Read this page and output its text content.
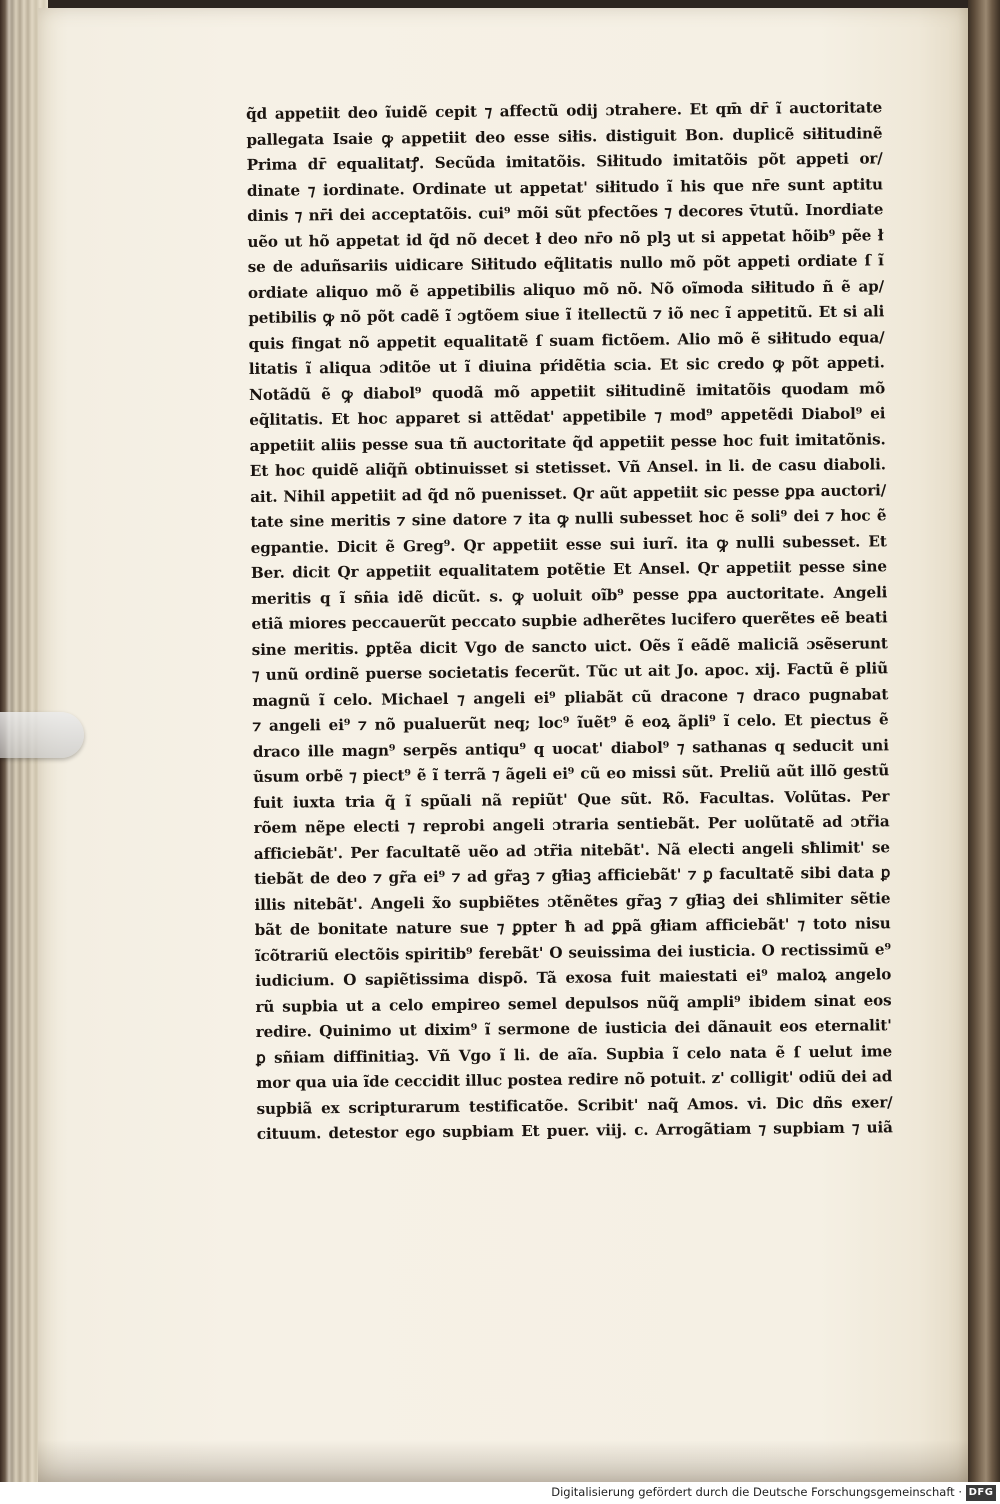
q̃d appetiit deo ĩuidẽ cepit ⁊ affectũ odij ɔtrahere. Et qm̄ dr̄ ĩ auctoritate
pallegata Isaie ꝙ appetiit deo esse siłis. distiguit Bon. duplicẽ siłitudinẽ
Prima dr̄ equalitatꝭ. Secũda imitatõis. Siłitudo imitatõis põt appeti or/
dinate ⁊ iordinate. Ordinate ut appetat' siłitudo ĩ his que nr̄e sunt aptitu
dinis ⁊ nr̄i dei acceptatõis. cui⁹ mõi sũt pfectões ⁊ decores v̄tutũ. Inordiate
uẽo ut hõ appetat id q̃d nõ decet ł deo nr̄o nõ plꝫ ut si appetat hõib⁹ pẽe ł
se de aduñsariis uidicare Siłitudo eq̃litatis nullo mõ põt appeti ordiate ſ ĩ
ordiate aliquo mõ ẽ appetibilis aliquo mõ nõ. Nõ oĩmoda siłitudo ñ ẽ ap/
petibilis ꝙ nõ põt cadẽ ĩ ɔgtõem siue ĩ itellectũ ⁊ iõ nec ĩ appetitũ. Et si ali
quis fingat nõ appetit equalitatẽ ſ suam fictõem. Alio mõ ẽ siłitudo equa/
litatis ĩ aliqua ɔditõe ut ĩ diuina pŕidẽtia scia. Et sic credo ꝙ põt appeti.
Notãdũ ẽ ꝙ diabol⁹ quodã mõ appetiit siłitudinẽ imitatõis quodam mõ
eq̃litatis. Et hoc apparet si attẽdat' appetibile ⁊ mod⁹ appetẽdi Diabol⁹ ei
appetiit aliis pesse sua tñ auctoritate q̃d appetiit pesse hoc fuit imitatõnis.
Et hoc quidẽ aliq̃ñ obtinuisset si stetisset. Vñ Ansel. in li. de casu diaboli.
ait. Nihil appetiit ad q̃d nõ puenisset. Qr aũt appetiit sic pesse ꝑpa auctori/
tate sine meritis ⁊ sine datore ⁊ ita ꝙ nulli subesset hoc ẽ soli⁹ dei ⁊ hoc ẽ
egpantie. Dicit ẽ Greg⁹. Qr appetiit esse sui iurĩ. ita ꝙ nulli subesset. Et
Ber. dicit Qr appetiit equalitatem potẽtie Et Ansel. Qr appetiit pesse sine
meritis q ĩ sñia idẽ dicũt. s. ꝙ uoluit oĩb⁹ pesse ꝑpa auctoritate. Angeli
etiã miores peccauerũt peccato supbie adherẽtes lucifero querẽtes eẽ beati
sine meritis. ꝑptẽa dicit Vgo de sancto uict. Oẽs ĩ eãdẽ maliciã ɔsẽserunt
⁊ unũ ordinẽ puerse societatis fecerũt. Tũc ut ait Jo. apoc. xij. Factũ ẽ pliũ
magnũ ĩ celo. Michael ⁊ angeli ei⁹ pliabãt cũ dracone ⁊ draco pugnabat
⁊ angeli ei⁹ ⁊ nõ pualuerũt neq; loc⁹ ĩuẽt⁹ ẽ eoꝝ ãpli⁹ ĩ celo. Et piectus ẽ
draco ille magn⁹ serpẽs antiqu⁹ q uocat' diabol⁹ ⁊ sathanas q seducit uni
ũsum orbẽ ⁊ piect⁹ ẽ ĩ terrã ⁊ ãgeli ei⁹ cũ eo missi sũt. Preliũ aũt illõ gestũ
fuit iuxta tria q̃ ĩ spũali nã repiũt' Que sũt. Rõ. Facultas. Volũtas. Per
rõem nẽpe electi ⁊ reprobi angeli ɔtraria sentiebãt. Per uolũtatẽ ad ɔtr̃ia
afficiebãt'. Per facultatẽ uẽo ad ɔtr̃ia nitebãt'. Nã electi angeli sħlimit' se
tiebãt de deo ⁊ gr̃a ei⁹ ⁊ ad gr̃aꝫ ⁊ gł̃iaꝫ afficiebãt' ⁊ ꝑ facultatẽ sibi data ꝑ
illis nitebãt'. Angeli x̃o supbiẽtes ɔtẽnẽtes gr̃aꝫ ⁊ gł̃iaꝫ dei sħlimiter sẽtie
bãt de bonitate nature sue ⁊ ꝑpter ħ ad ꝑpã gł̃iam afficiebãt' ⁊ toto nisu
ĩcõtrariũ electõis spiritib⁹ ferebãt' O seuissima dei iusticia. O rectissimũ e⁹
iudicium. O sapiẽtissima dispõ. Tã exosa fuit maiestati ei⁹ maloꝝ angelo
rũ supbia ut a celo empireo semel depulsos nũq̃ ampli⁹ ibidem sinat eos
redire. Quinimo ut dixim⁹ ĩ sermone de iusticia dei dãnauit eos eternalit'
ꝑ sñiam diffinitiaꝫ. Vñ Vgo ĩ li. de aĩa. Supbia ĩ celo nata ẽ ſ uelut ime
mor qua uia ĩde ceccidit illuc postea redire nõ potuit. z' colligit' odiũ dei ad
supbiã ex scripturarum testificatõe. Scribit' naq̃ Amos. vi. Dic dñs exer/
cituum. detestor ego supbiam Et puer. viij. c. Arrogãtiam ⁊ supbiam ⁊ uiã
Digitalisierung gefördert durch die Deutsche Forschungsgemeinschaft · DFG
